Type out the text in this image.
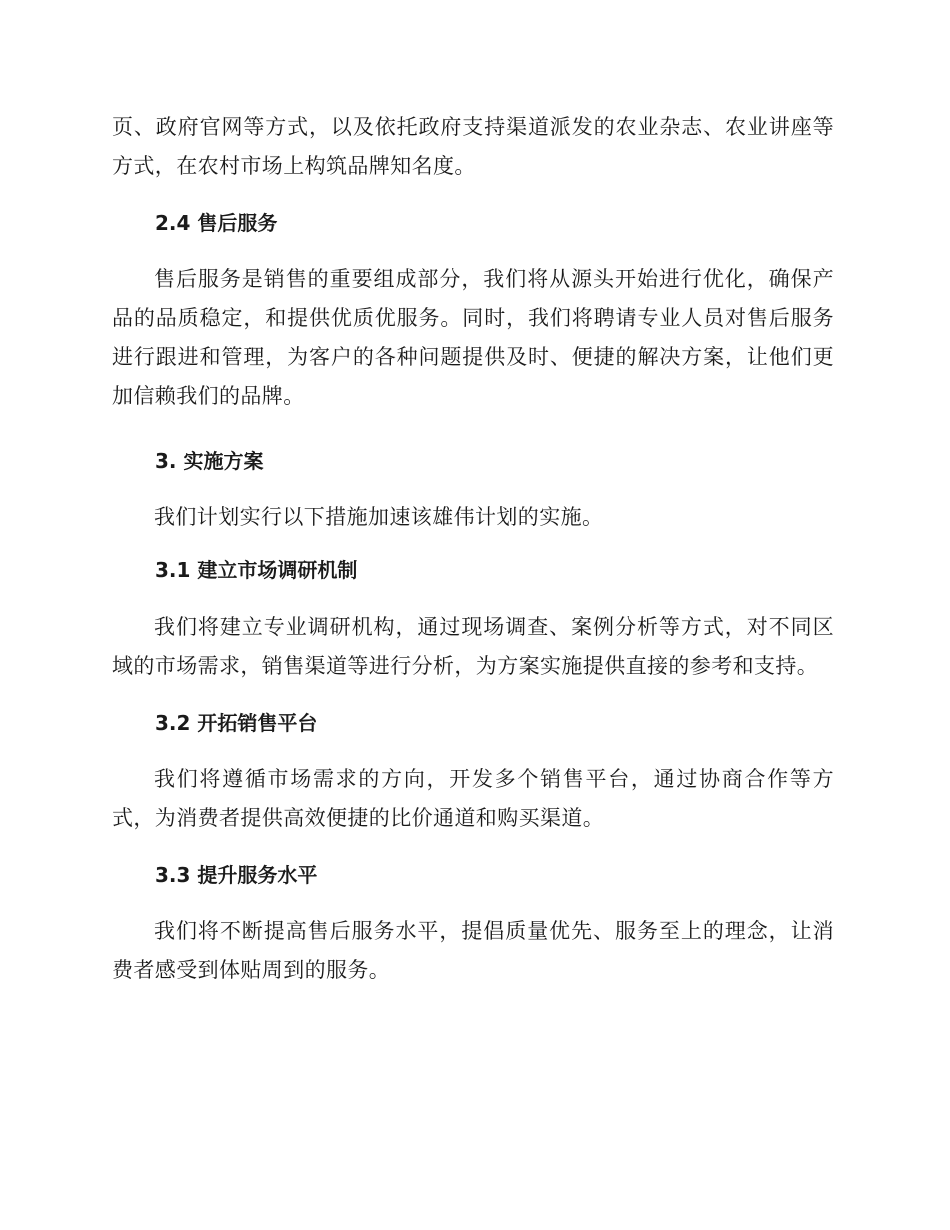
页、政府官网等方式，以及依托政府支持渠道派发的农业杂志、农业讲座等方式，在农村市场上构筑品牌知名度。

2.4 售后服务

售后服务是销售的重要组成部分，我们将从源头开始进行优化，确保产品的品质稳定，和提供优质优服务。同时，我们将聘请专业人员对售后服务进行跟进和管理，为客户的各种问题提供及时、便捷的解决方案，让他们更加信赖我们的品牌。

3. 实施方案

我们计划实行以下措施加速该雄伟计划的实施。

3.1 建立市场调研机制

我们将建立专业调研机构，通过现场调查、案例分析等方式，对不同区域的市场需求，销售渠道等进行分析，为方案实施提供直接的参考和支持。

3.2 开拓销售平台

我们将遵循市场需求的方向，开发多个销售平台，通过协商合作等方式，为消费者提供高效便捷的比价通道和购买渠道。

3.3 提升服务水平

我们将不断提高售后服务水平，提倡质量优先、服务至上的理念，让消费者感受到体贴周到的服务。
